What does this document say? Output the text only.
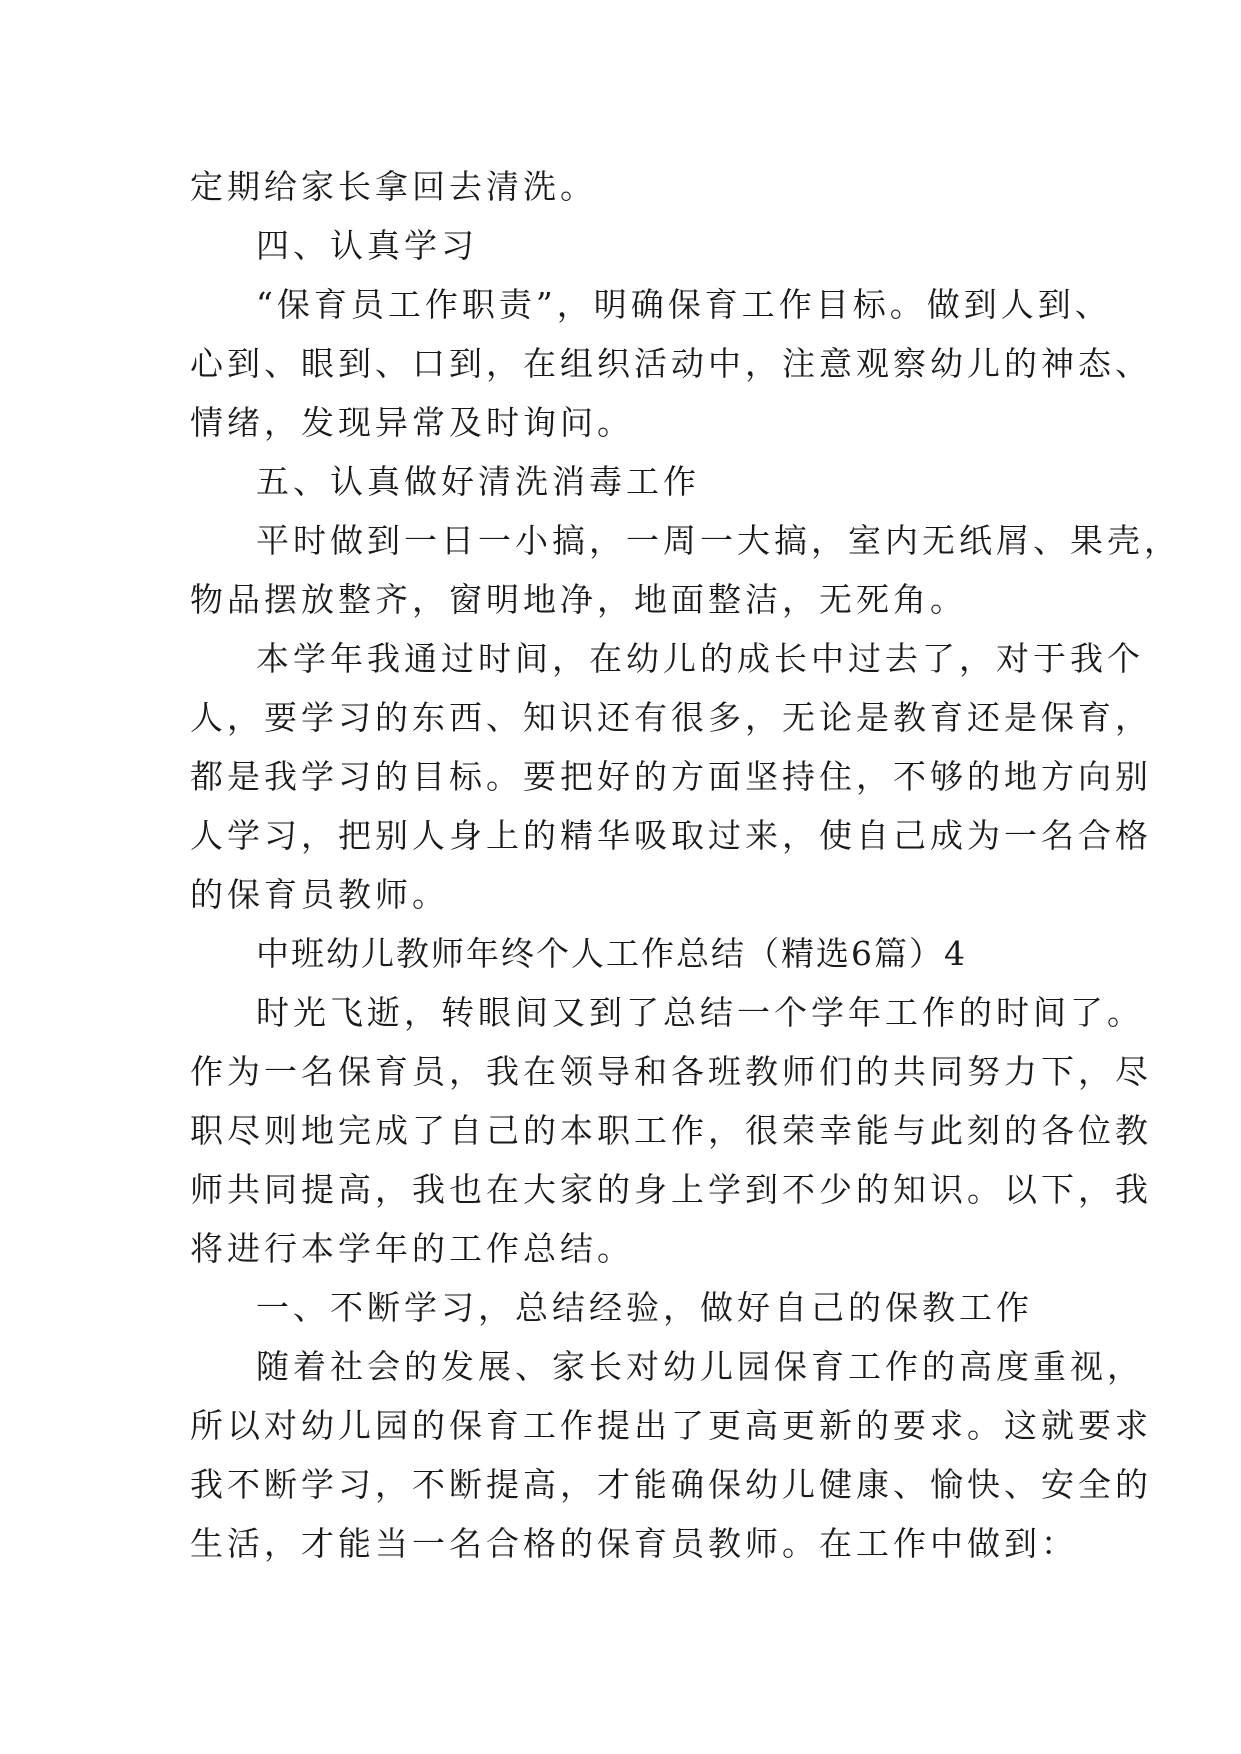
定期给家长拿回去清洗。

四、认真学习

“保育员工作职责”，明确保育工作目标。做到人到、

心到、眼到、口到，在组织活动中，注意观察幼儿的神态、

情绪，发现异常及时询问。

五、认真做好清洗消毒工作

平时做到一日一小搞，一周一大搞，室内无纸屑、果壳，

物品摆放整齐，窗明地净，地面整洁，无死角。

本学年我通过时间，在幼儿的成长中过去了，对于我个

人，要学习的东西、知识还有很多，无论是教育还是保育，

都是我学习的目标。要把好的方面坚持住，不够的地方向别

人学习，把别人身上的精华吸取过来，使自己成为一名合格

的保育员教师。

中班幼儿教师年终个人工作总结（精选6篇）4

时光飞逝，转眼间又到了总结一个学年工作的时间了。

作为一名保育员，我在领导和各班教师们的共同努力下，尽

职尽则地完成了自己的本职工作，很荣幸能与此刻的各位教

师共同提高，我也在大家的身上学到不少的知识。以下，我

将进行本学年的工作总结。

一、不断学习，总结经验，做好自己的保教工作

随着社会的发展、家长对幼儿园保育工作的高度重视，

所以对幼儿园的保育工作提出了更高更新的要求。这就要求

我不断学习，不断提高，才能确保幼儿健康、愉快、安全的

生活，才能当一名合格的保育员教师。在工作中做到：
